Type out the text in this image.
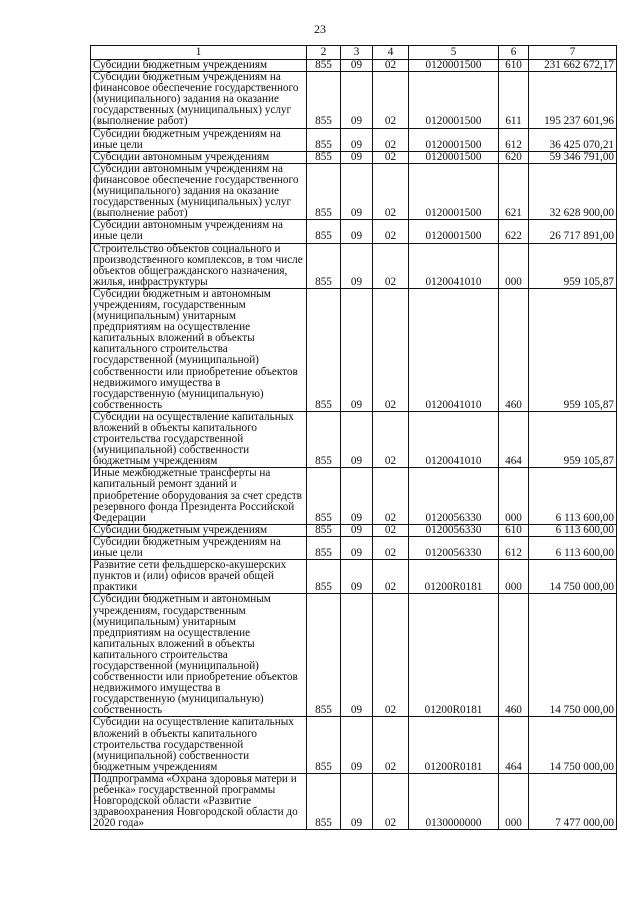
23
1	2	3	4	5	6	7
Субсидии бюджетным учреждениям	855	09	02	0120001500	610	231 662 672,17
Субсидии бюджетным учреждениям на финансовое обеспечение государственного (муниципального) задания на оказание государственных (муниципальных) услуг (выполнение работ)	855	09	02	0120001500	611	195 237 601,96
Субсидии бюджетным учреждениям на иные цели	855	09	02	0120001500	612	36 425 070,21
Субсидии автономным учреждениям	855	09	02	0120001500	620	59 346 791,00
Субсидии автономным учреждениям на финансовое обеспечение государственного (муниципального) задания на оказание государственных (муниципальных) услуг (выполнение работ)	855	09	02	0120001500	621	32 628 900,00
Субсидии автономным учреждениям на иные цели	855	09	02	0120001500	622	26 717 891,00
Строительство объектов социального и производственного комплексов, в том числе объектов общегражданского назначения, жилья, инфраструктуры	855	09	02	0120041010	000	959 105,87
Субсидии бюджетным и автономным учреждениям, государственным (муниципальным) унитарным предприятиям на осуществление капитальных вложений в объекты капитального строительства государственной (муниципальной) собственности или приобретение объектов недвижимого имущества в государственную (муниципальную) собственность	855	09	02	0120041010	460	959 105,87
Субсидии на осуществление капитальных вложений в объекты капитального строительства государственной (муниципальной) собственности бюджетным учреждениям	855	09	02	0120041010	464	959 105,87
Иные межбюджетные трансферты на капитальный ремонт зданий и приобретение оборудования за счет средств резервного фонда Президента Российской Федерации	855	09	02	0120056330	000	6 113 600,00
Субсидии бюджетным учреждениям	855	09	02	0120056330	610	6 113 600,00
Субсидии бюджетным учреждениям на иные цели	855	09	02	0120056330	612	6 113 600,00
Развитие сети фельдшерско-акушерских пунктов и (или) офисов врачей общей практики	855	09	02	01200R0181	000	14 750 000,00
Субсидии бюджетным и автономным учреждениям, государственным (муниципальным) унитарным предприятиям на осуществление капитальных вложений в объекты капитального строительства государственной (муниципальной) собственности или приобретение объектов недвижимого имущества в государственную (муниципальную) собственность	855	09	02	01200R0181	460	14 750 000,00
Субсидии на осуществление капитальных вложений в объекты капитального строительства государственной (муниципальной) собственности бюджетным учреждениям	855	09	02	01200R0181	464	14 750 000,00
Подпрограмма «Охрана здоровья матери и ребенка» государственной программы Новгородской области «Развитие здравоохранения Новгородской области до 2020 года»	855	09	02	0130000000	000	7 477 000,00
